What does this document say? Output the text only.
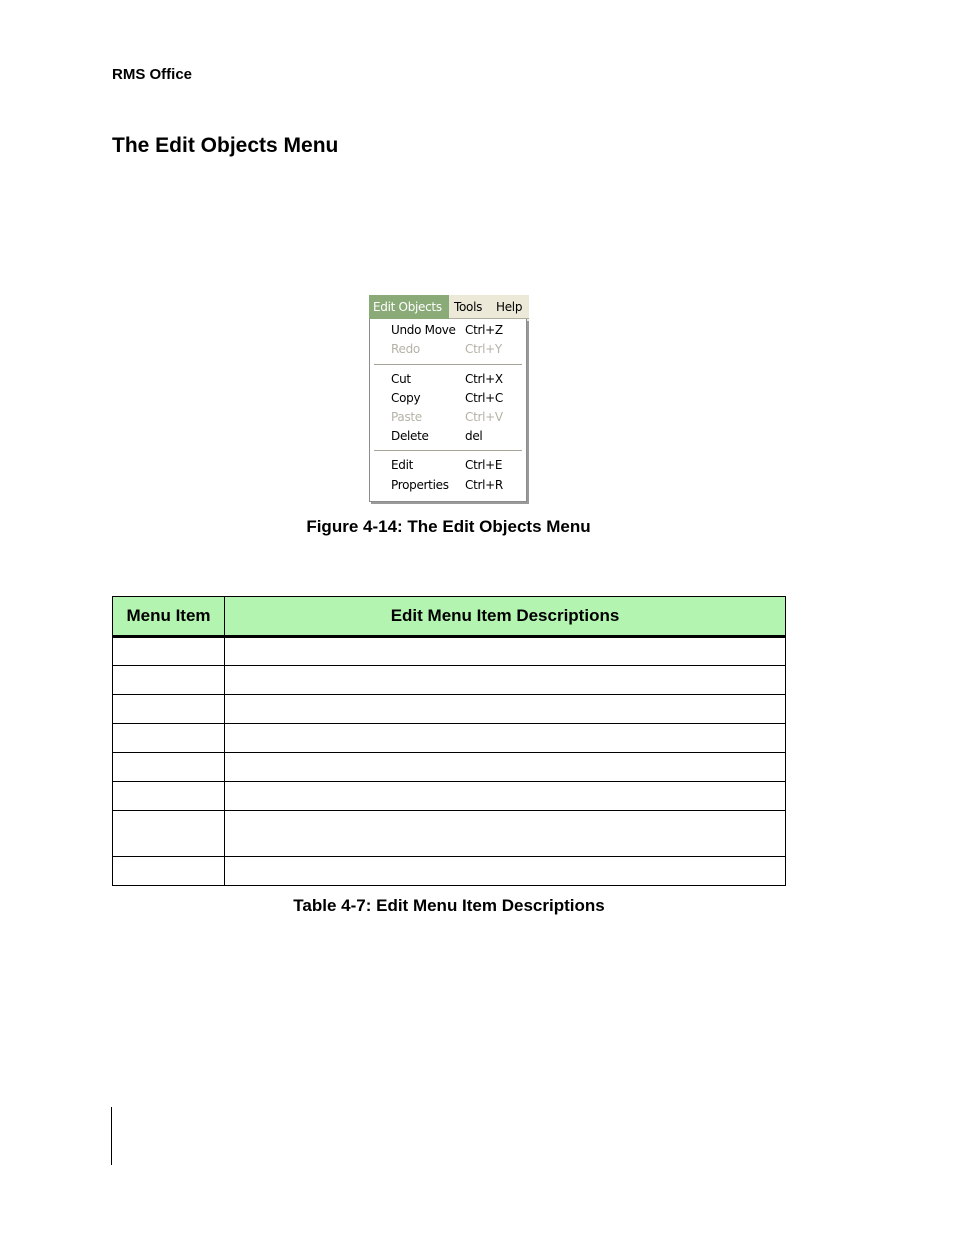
RMS Office
The Edit Objects Menu
Edit Objects	Tools	Help
Undo Move Ctrl+Z
Redo	Ctrl+Y
Cut	Ctrl+X
Copy	Ctrl+C
Paste	Ctrl+V
Delete	del
Edit	Ctrl+E
Properties Ctrl+R
Figure 4-14: The Edit Objects Menu
Menu Item	Edit Menu Item Descriptions

Table 4-7: Edit Menu Item Descriptions
